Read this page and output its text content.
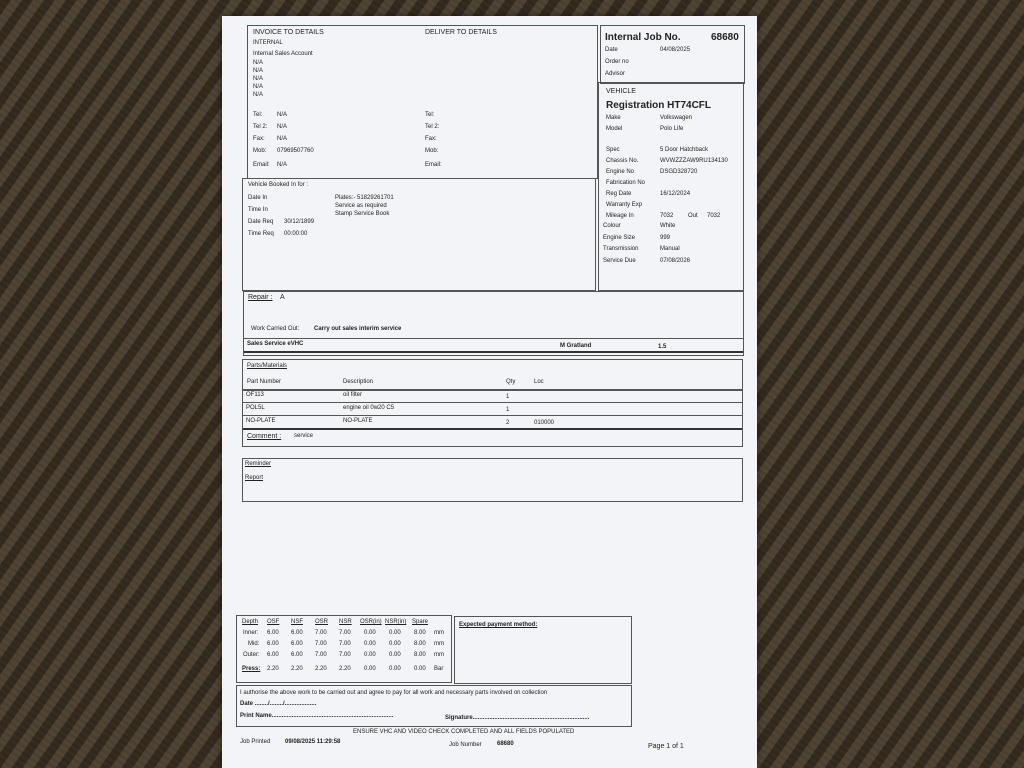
INVOICE TO DETAILS	DELIVER TO DETAILS
INTERNAL
Internal Sales Account
N/A
N/A
N/A
N/A
N/A
Tel: N/A
Tel 2: N/A
Fax: N/A
Mob: 07969507760
Email: N/A
Tel:
Tel 2:
Fax:
Mob:
Email:
Internal Job No.	68680
Date	04/08/2025
Order no
Advisor
VEHICLE
Registration HT74CFL
Make	Volkswagen
Model	Polo Life
Spec	5 Door Hatchback
Chassis No.	WVWZZZAW9RU134130
Engine No	DSGD328720
Fabrication No
Reg Date	16/12/2024
Warranty Exp
Mileage In	7032 Out 7032
Colour	White
Engine Size	999
Transmission	Manual
Service Due	07/08/2026
Vehicle Booked In for :
Date In
Time In
Date Req 30/12/1899
Time Req 00:00:00
Plates:- 51829261701
Service as required
Stamp Service Book
Repair : A
Work Carried Out: Carry out sales interim service
Sales Service eVHC	M Gratland	1.5
Parts/Materials
Part Number	Description	Qty	Loc
OF113	oil filter	1
POL5L	engine oil 0w20 C5	1
NO-PLATE	NO-PLATE	2	010000
Comment : service
Reminder
Report
Depth OSF NSF OSR NSR OSR(in) NSR(in) Spare
Inner: 6.00 6.00 7.00 7.00 0.00 0.00 8.00 mm
Mid: 6.00 6.00 7.00 7.00 0.00 0.00 8.00 mm
Outer: 6.00 6.00 7.00 7.00 0.00 0.00 8.00 mm
Press: 2.20 2.20 2.20 2.20 0.00 0.00 0.00 Bar
Expected payment method:
I authorise the above work to be carried out and agree to pay for all work and necessary parts involved on collection
Date ......../......../...................
Print Name.........................................................................	Signature......................................................................
ENSURE VHC AND VIDEO CHECK COMPLETED AND ALL FIELDS POPULATED
Job Printed 09/08/2025 11:29:58	Job Number	68680	Page 1 of 1
